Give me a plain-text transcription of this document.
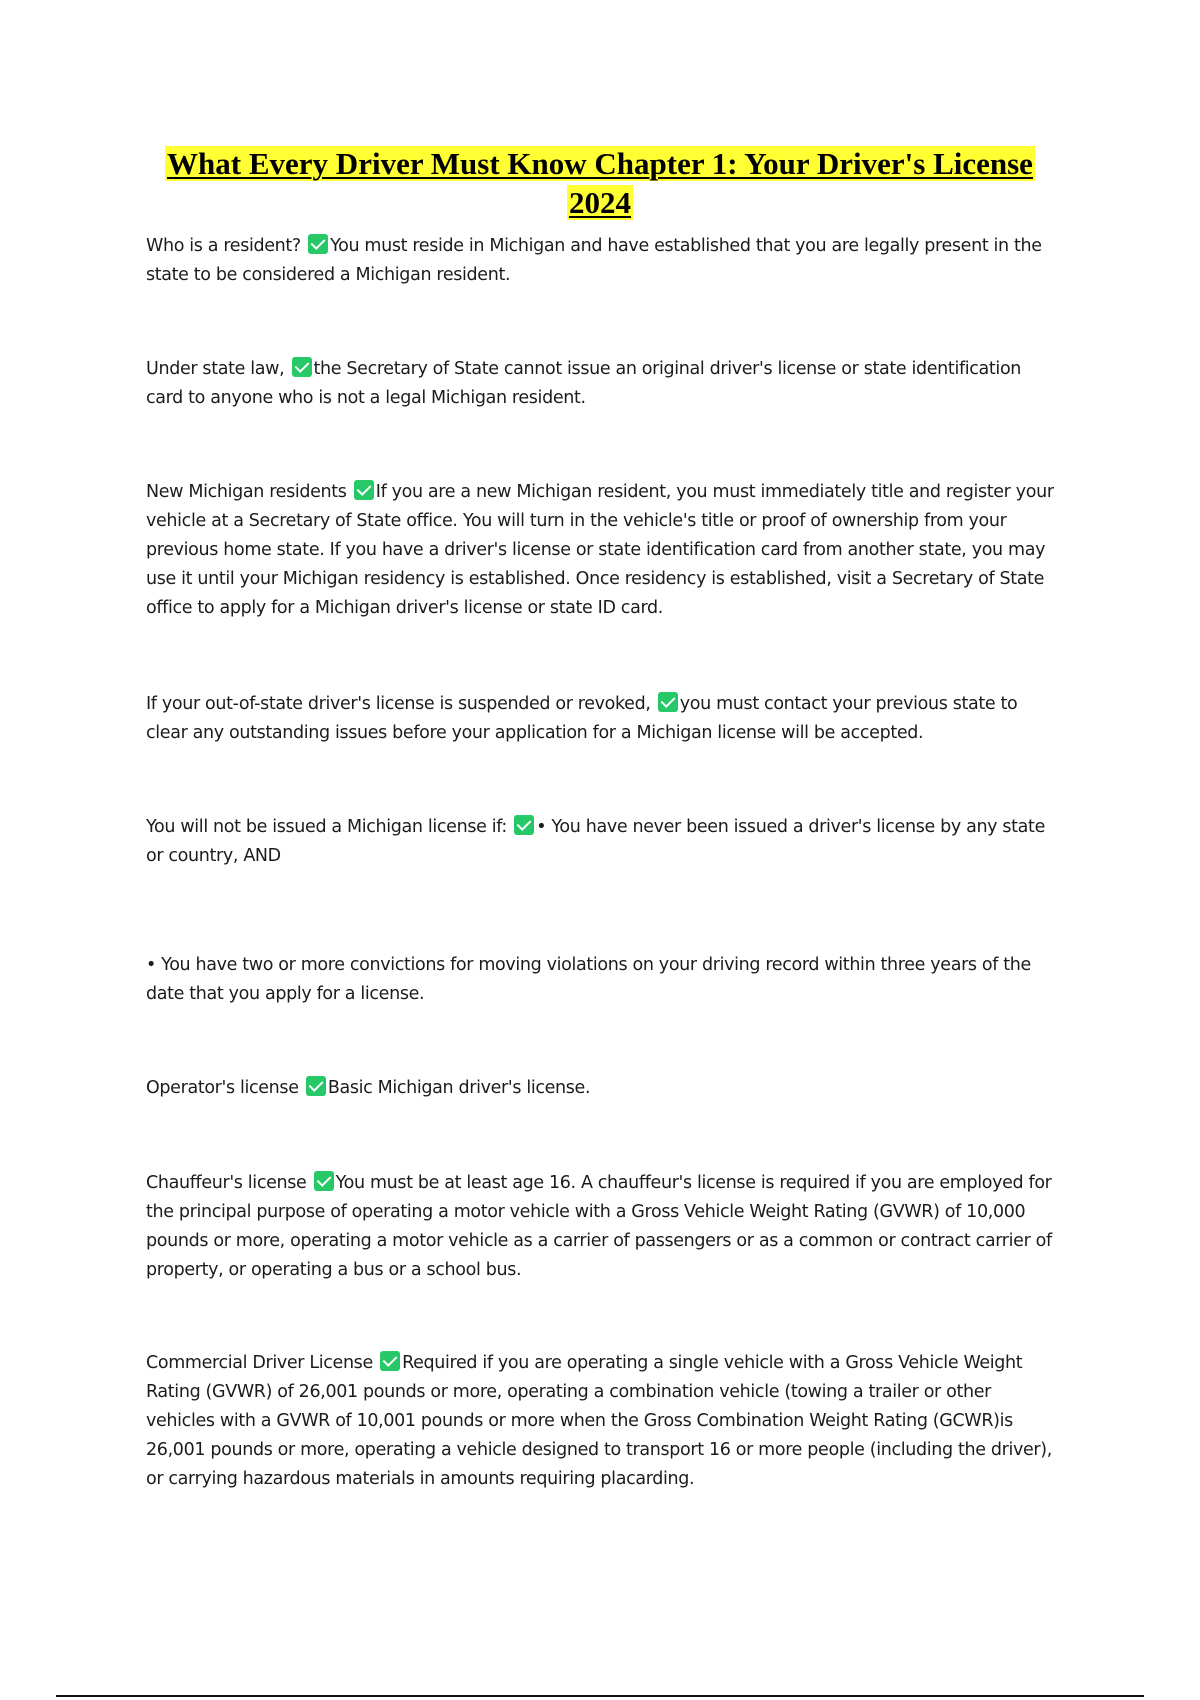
What Every Driver Must Know Chapter 1: Your Driver's License
2024
Who is a resident? You must reside in Michigan and have established that you are legally present in the state to be considered a Michigan resident.
Under state law, the Secretary of State cannot issue an original driver's license or state identification card to anyone who is not a legal Michigan resident.
New Michigan residents If you are a new Michigan resident, you must immediately title and register your vehicle at a Secretary of State office. You will turn in the vehicle's title or proof of ownership from your previous home state. If you have a driver's license or state identification card from another state, you may use it until your Michigan residency is established. Once residency is established, visit a Secretary of State office to apply for a Michigan driver's license or state ID card.
If your out-of-state driver's license is suspended or revoked, you must contact your previous state to clear any outstanding issues before your application for a Michigan license will be accepted.
You will not be issued a Michigan license if: • You have never been issued a driver's license by any state or country, AND
• You have two or more convictions for moving violations on your driving record within three years of the date that you apply for a license.
Operator's license Basic Michigan driver's license.
Chauffeur's license You must be at least age 16. A chauffeur's license is required if you are employed for the principal purpose of operating a motor vehicle with a Gross Vehicle Weight Rating (GVWR) of 10,000 pounds or more, operating a motor vehicle as a carrier of passengers or as a common or contract carrier of property, or operating a bus or a school bus.
Commercial Driver License Required if you are operating a single vehicle with a Gross Vehicle Weight Rating (GVWR) of 26,001 pounds or more, operating a combination vehicle (towing a trailer or other vehicles with a GVWR of 10,001 pounds or more when the Gross Combination Weight Rating (GCWR)is 26,001 pounds or more, operating a vehicle designed to transport 16 or more people (including the driver), or carrying hazardous materials in amounts requiring placarding.
